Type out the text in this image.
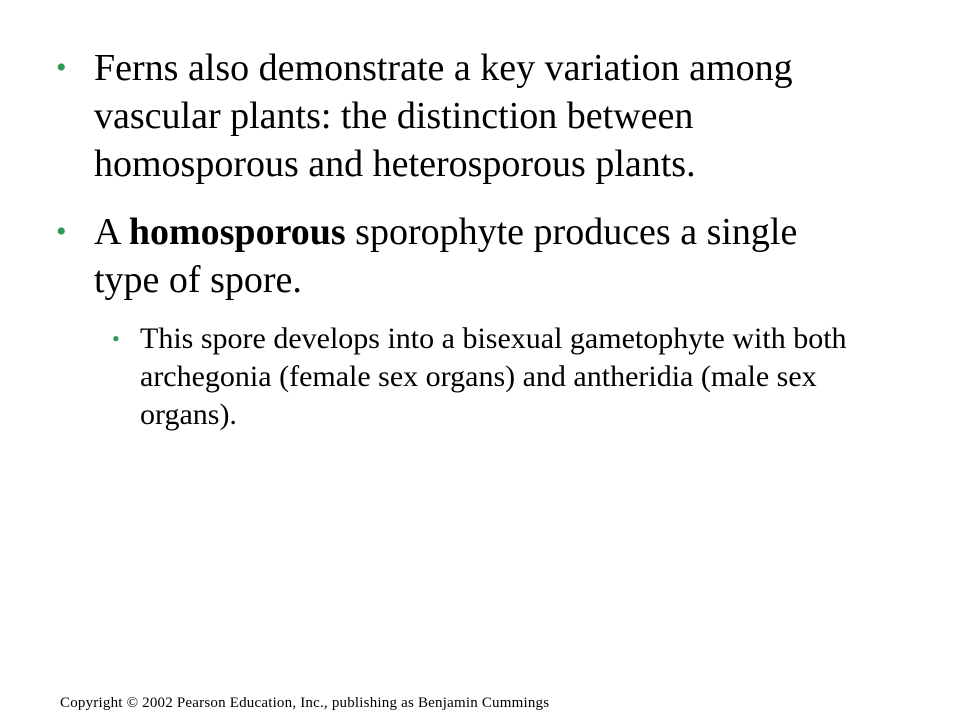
• Ferns also demonstrate a key variation among vascular plants: the distinction between homosporous and heterosporous plants.
• A homosporous sporophyte produces a single type of spore.
• This spore develops into a bisexual gametophyte with both archegonia (female sex organs) and antheridia (male sex organs).
Copyright © 2002 Pearson Education, Inc., publishing as Benjamin Cummings
